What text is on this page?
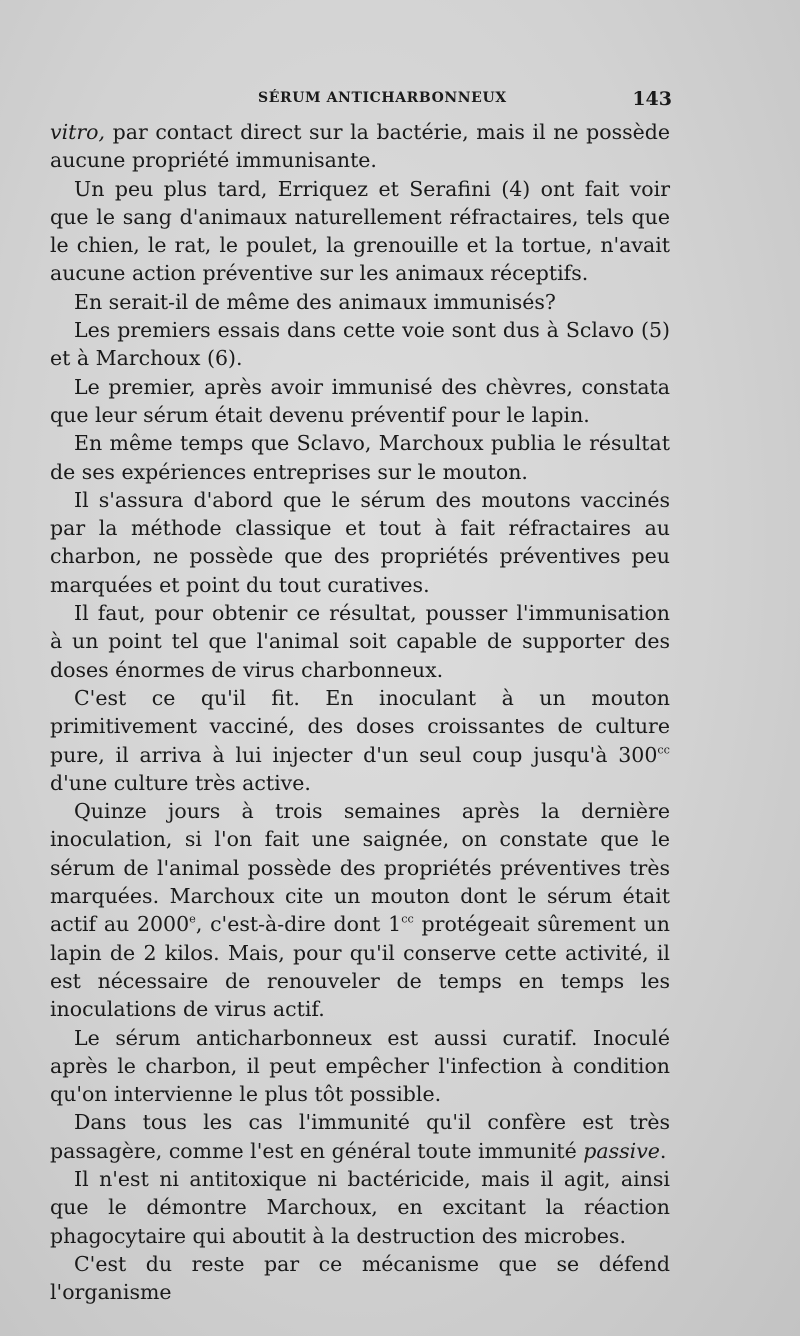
SÉRUM ANTICHARBONNEUX	143

vitro, par contact direct sur la bactérie, mais il ne possède aucune propriété immunisante.

Un peu plus tard, Erriquez et Serafini (4) ont fait voir que le sang d'animaux naturellement réfractaires, tels que le chien, le rat, le poulet, la grenouille et la tortue, n'avait aucune action préventive sur les animaux réceptifs.

En serait-il de même des animaux immunisés?

Les premiers essais dans cette voie sont dus à Sclavo (5) et à Marchoux (6).

Le premier, après avoir immunisé des chèvres, constata que leur sérum était devenu préventif pour le lapin.

En même temps que Sclavo, Marchoux publia le résultat de ses expériences entreprises sur le mouton.

Il s'assura d'abord que le sérum des moutons vaccinés par la méthode classique et tout à fait réfractaires au charbon, ne possède que des propriétés préventives peu marquées et point du tout curatives.

Il faut, pour obtenir ce résultat, pousser l'immunisation à un point tel que l'animal soit capable de supporter des doses énormes de virus charbonneux.

C'est ce qu'il fit. En inoculant à un mouton primitivement vacciné, des doses croissantes de culture pure, il arriva à lui injecter d'un seul coup jusqu'à $300^{cc}$ d'une culture très active.

Quinze jours à trois semaines après la dernière inoculation, si l'on fait une saignée, on constate que le sérum de l'animal possède des propriétés préventives très marquées. Marchoux cite un mouton dont le sérum était actif au 2000e, c'est-à-dire dont $1^{cc}$ protégeait sûrement un lapin de 2 kilos. Mais, pour qu'il conserve cette activité, il est nécessaire de renouveler de temps en temps les inoculations de virus actif.

Le sérum anticharbonneux est aussi curatif. Inoculé après le charbon, il peut empêcher l'infection à condition qu'on intervienne le plus tôt possible.

Dans tous les cas l'immunité qu'il confère est très passagère, comme l'est en général toute immunité passive.

Il n'est ni antitoxique ni bactéricide, mais il agit, ainsi que le démontre Marchoux, en excitant la réaction phagocytaire qui aboutit à la destruction des microbes.

C'est du reste par ce mécanisme que se défend l'organisme
